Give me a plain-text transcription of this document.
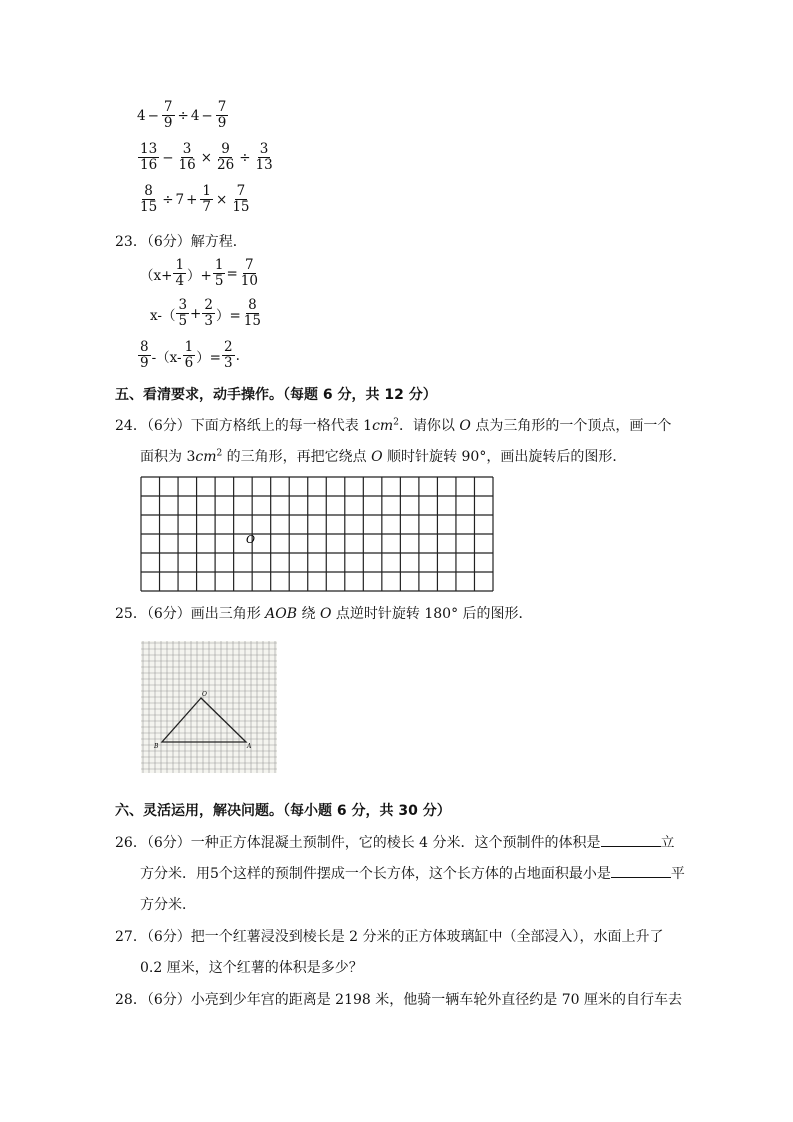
$4 - \frac{7}{9} \div 4 - \frac{7}{9}$
$\frac{13}{16} - \frac{3}{16} \times \frac{9}{26} \div \frac{3}{13}$
$\frac{8}{15} \div 7 + \frac{1}{7} \times \frac{7}{15}$
23．（6分）解方程．
（$x+ \frac{1}{4}$ ）+ $\frac{1}{5} = \frac{7}{10}$
$x-( \frac{3}{5} + \frac{2}{3}$ ）= $\frac{8}{15}$
$\frac{8}{9} -(x- \frac{1}{6}$ ）= $\frac{2}{3}$ .
五、看清要求，动手操作。（每题 6 分，共 12 分）
24．（6分）下面方格纸上的每一格代表 $1cm^2$．请你以 O 点为三角形的一个顶点，画一个
面积为 $3cm^2$ 的三角形，再把它绕点 O 顺时针旋转 90°，画出旋转后的图形．
O
25．（6分）画出三角形 AOB 绕 O 点逆时针旋转 180° 后的图形．
O
B	A
六、灵活运用，解决问题。（每小题 6 分，共 30 分）
26．（6分）一种正方体混凝土预制件，它的棱长 4 分米．这个预制件的体积是	立
方分米．用5个这样的预制件摆成一个长方体，这个长方体的占地面积最小是	平
方分米．
27．（6分）把一个红薯浸没到棱长是 2 分米的正方体玻璃缸中（全部浸入），水面上升了
0.2 厘米，这个红薯的体积是多少？
28．（6分）小亮到少年宫的距离是 2198 米，他骑一辆车轮外直径约是 70 厘米的自行车去
